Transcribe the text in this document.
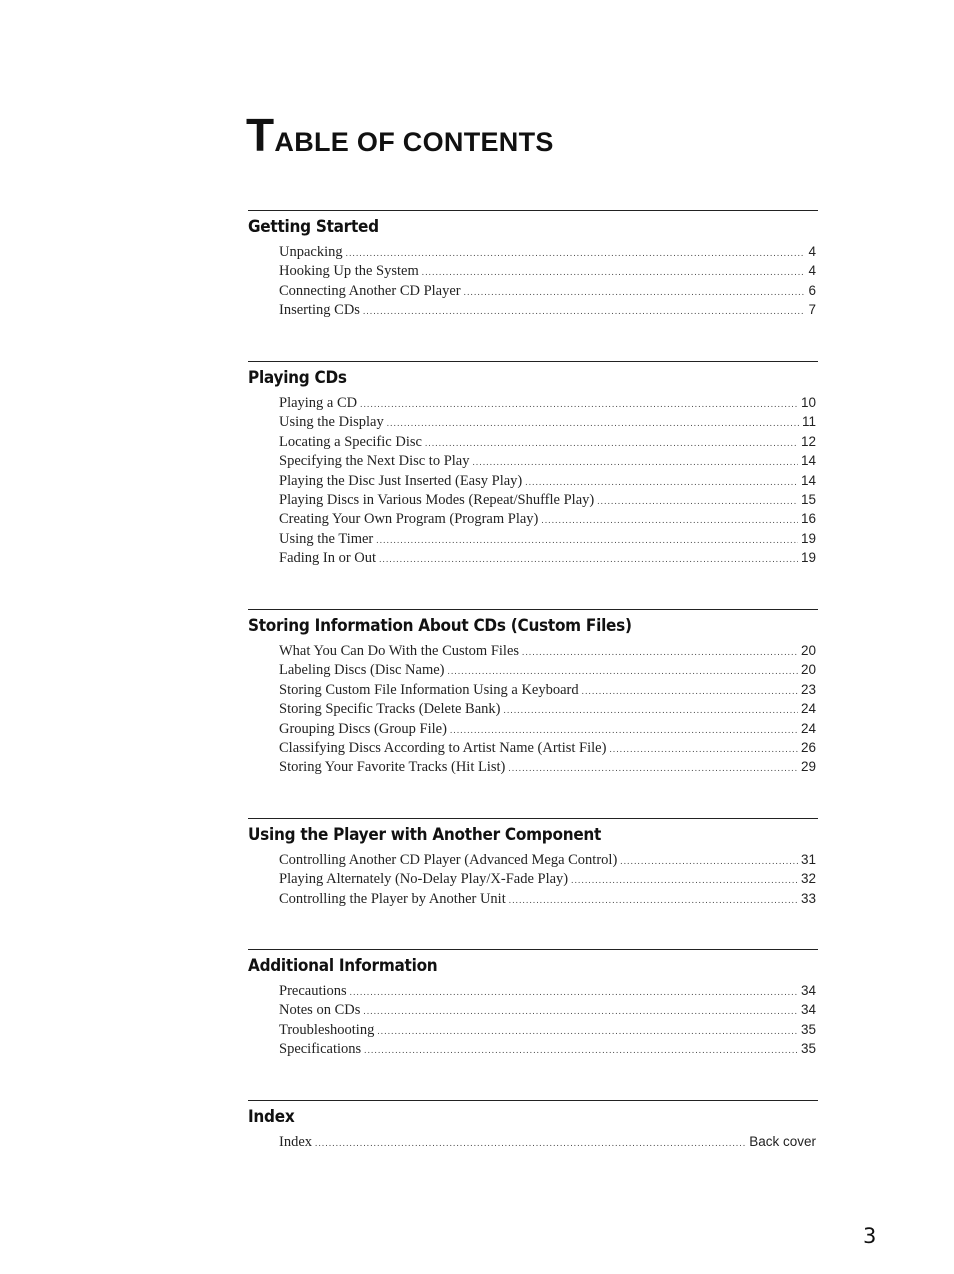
TABLE OF CONTENTS
Getting Started
Unpacking .....	4
Hooking Up the System .....	4
Connecting Another CD Player .....	6
Inserting CDs .....	7
Playing CDs
Playing a CD .....	10
Using the Display .....	11
Locating a Specific Disc .....	12
Specifying the Next Disc to Play .....	14
Playing the Disc Just Inserted (Easy Play) .....	14
Playing Discs in Various Modes (Repeat/Shuffle Play) .....	15
Creating Your Own Program (Program Play) .....	16
Using the Timer .....	19
Fading In or Out .....	19
Storing Information About CDs (Custom Files)
What You Can Do With the Custom Files .....	20
Labeling Discs (Disc Name) .....	20
Storing Custom File Information Using a Keyboard .....	23
Storing Specific Tracks (Delete Bank) .....	24
Grouping Discs (Group File) .....	24
Classifying Discs According to Artist Name (Artist File) .....	26
Storing Your Favorite Tracks (Hit List) .....	29
Using the Player with Another Component
Controlling Another CD Player (Advanced Mega Control) .....	31
Playing Alternately (No-Delay Play/X-Fade Play) .....	32
Controlling the Player by Another Unit .....	33
Additional Information
Precautions .....	34
Notes on CDs .....	34
Troubleshooting .....	35
Specifications .....	35
Index
Index .....	Back cover
3
